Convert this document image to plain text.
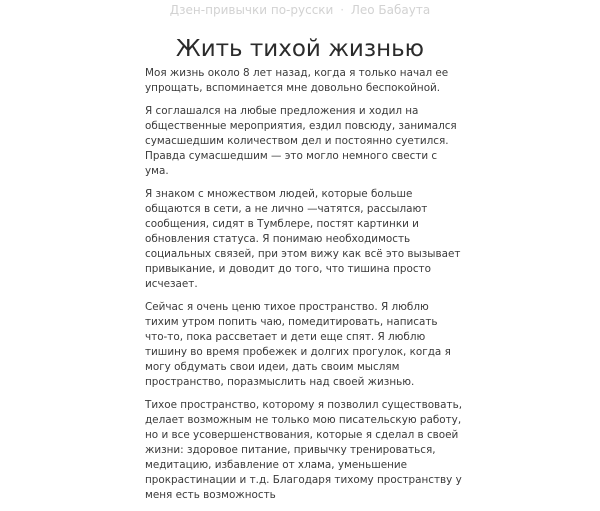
Дзен-привычки по-русски · Лео Бабаута
Жить тихой жизнью

Моя жизнь около 8 лет назад, когда я только начал ее упрощать, вспоминается мне довольно беспокойной.

Я соглашался на любые предложения и ходил на общественные мероприятия, ездил повсюду, занимался сумасшедшим количеством дел и постоянно суетился. Правда сумасшедшим — это могло немного свести с ума.

Я знаком с множеством людей, которые больше общаются в сети, а не лично —чатятся, рассылают сообщения, сидят в Тумблере, постят картинки и обновления статуса. Я понимаю необходимость социальных связей, при этом вижу как всё это вызывает привыкание, и доводит до того, что тишина просто исчезает.

Сейчас я очень ценю тихое пространство. Я люблю тихим утром попить чаю, помедитировать, написать что-то, пока рассветает и дети еще спят. Я люблю тишину во время пробежек и долгих прогулок, когда я могу обдумать свои идеи, дать своим мыслям пространство, поразмыслить над своей жизнью.

Тихое пространство, которому я позволил существовать, делает возможным не только мою писательскую работу, но и все усовершенствования, которые я сделал в своей жизни: здоровое питание, привычку тренироваться, медитацию, избавление от хлама, уменьшение прокрастинации и т.д. Благодаря тихому пространству у меня есть возможность
